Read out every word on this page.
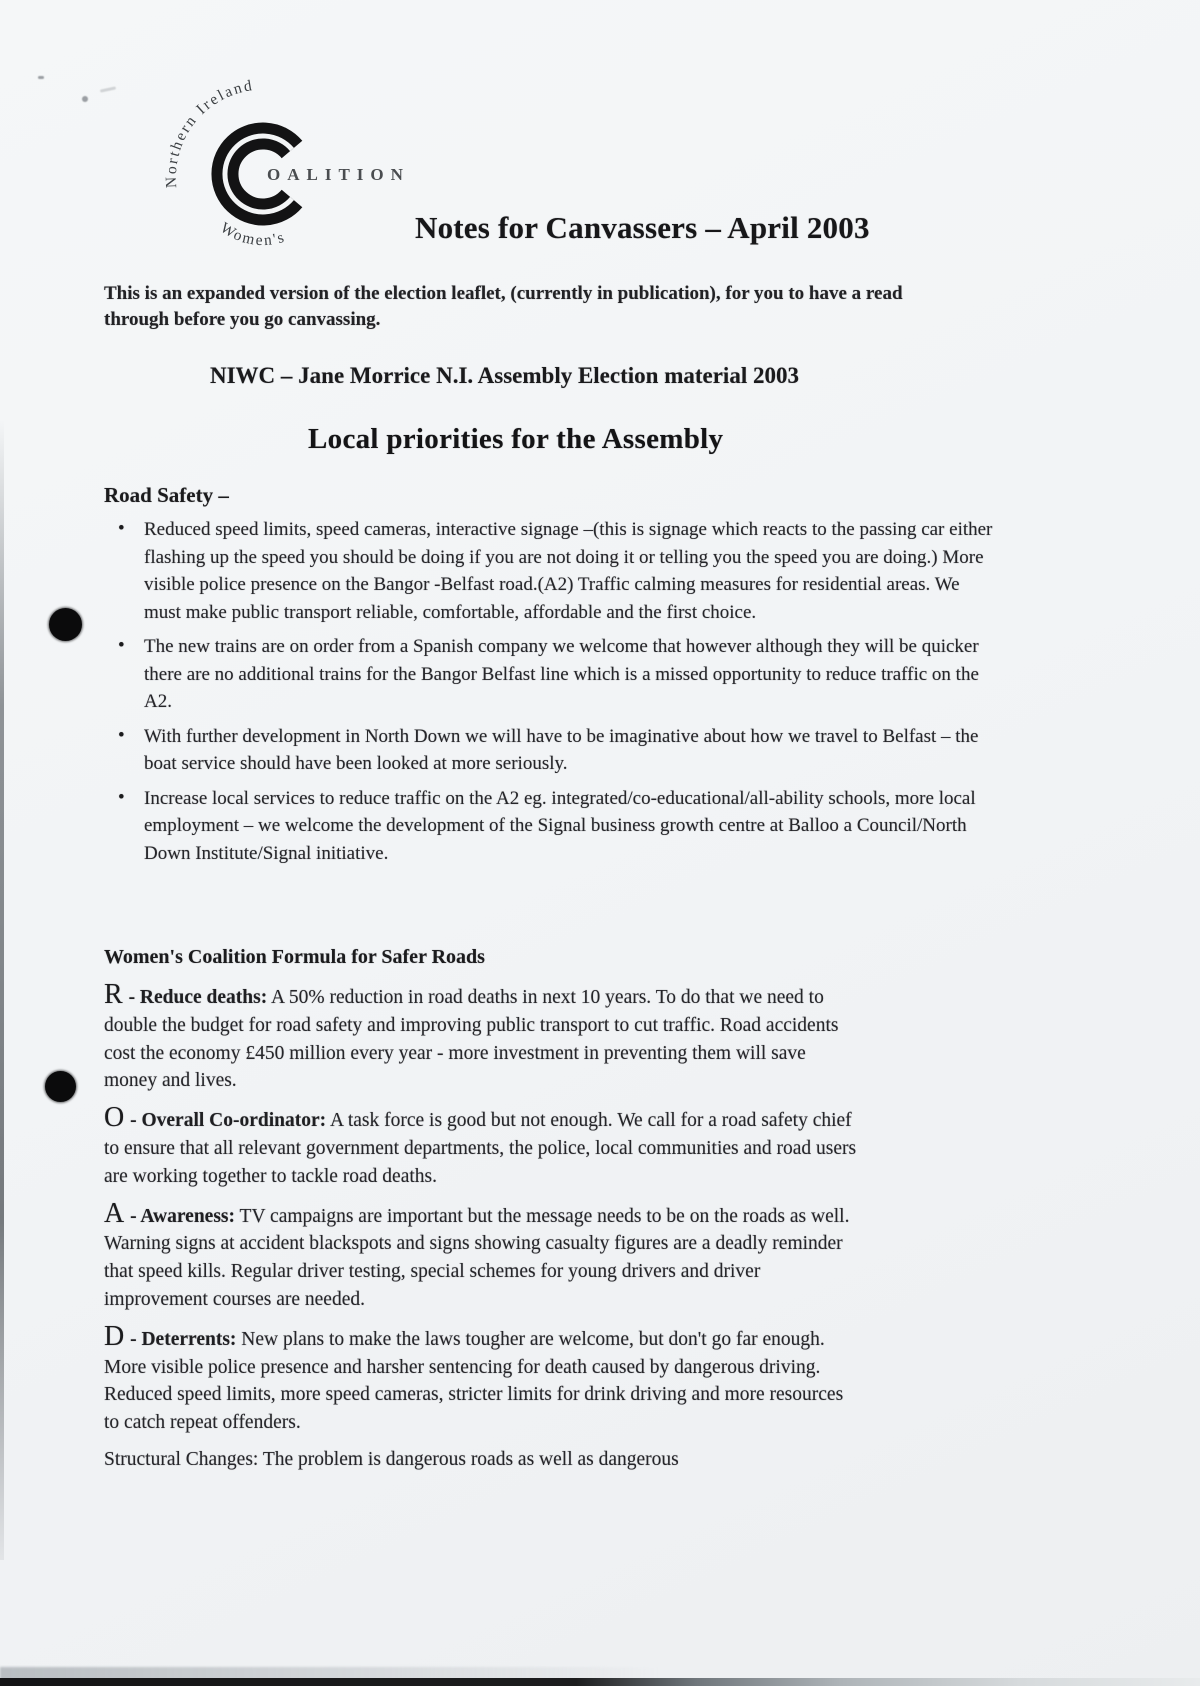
Northern Ireland
Women's
OALITION
Notes for Canvassers – April 2003
This is an expanded version of the election leaflet, (currently in publication), for you to have a read through before you go canvassing.
NIWC – Jane Morrice N.I. Assembly Election material 2003
Local priorities for the Assembly
Road Safety –
• Reduced speed limits, speed cameras, interactive signage –(this is signage which reacts to the passing car either flashing up the speed you should be doing if you are not doing it or telling you the speed you are doing.) More visible police presence on the Bangor -Belfast road.(A2) Traffic calming measures for residential areas. We must make public transport reliable, comfortable, affordable and the first choice.
• The new trains are on order from a Spanish company we welcome that however although they will be quicker there are no additional trains for the Bangor Belfast line which is a missed opportunity to reduce traffic on the A2.
• With further development in North Down we will have to be imaginative about how we travel to Belfast – the boat service should have been looked at more seriously.
• Increase local services to reduce traffic on the A2 eg. integrated/co-educational/all-ability schools, more local employment – we welcome the development of the Signal business growth centre at Balloo a Council/North Down Institute/Signal initiative.
Women's Coalition Formula for Safer Roads

R - Reduce deaths: A 50% reduction in road deaths in next 10 years. To do that we need to double the budget for road safety and improving public transport to cut traffic. Road accidents cost the economy £450 million every year - more investment in preventing them will save money and lives.

O - Overall Co-ordinator: A task force is good but not enough. We call for a road safety chief to ensure that all relevant government departments, the police, local communities and road users are working together to tackle road deaths.

A - Awareness: TV campaigns are important but the message needs to be on the roads as well. Warning signs at accident blackspots and signs showing casualty figures are a deadly reminder that speed kills. Regular driver testing, special schemes for young drivers and driver improvement courses are needed.

D - Deterrents: New plans to make the laws tougher are welcome, but don't go far enough. More visible police presence and harsher sentencing for death caused by dangerous driving. Reduced speed limits, more speed cameras, stricter limits for drink driving and more resources to catch repeat offenders.

Structural Changes: The problem is dangerous roads as well as dangerous
